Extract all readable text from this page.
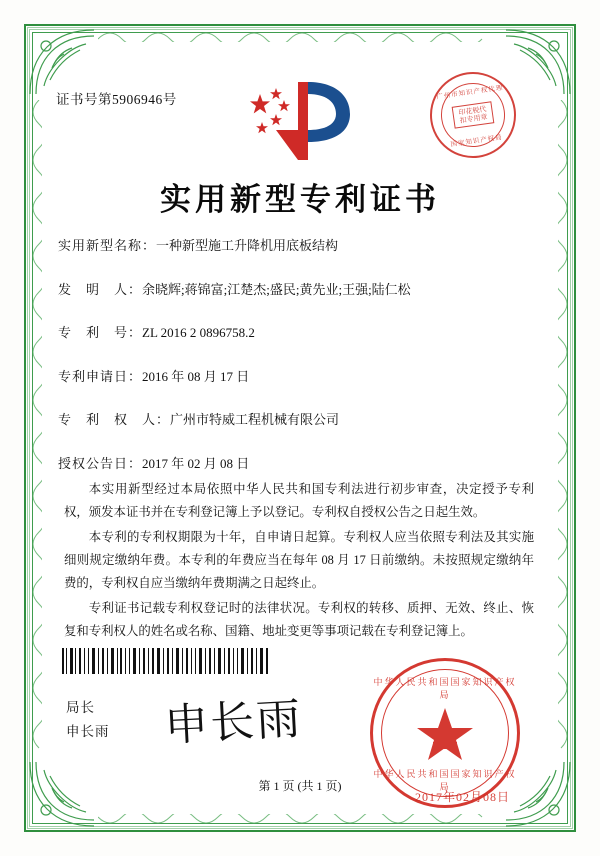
证书号第5906946号	广州市知识产权代理
印花税代扣专用章
国家知识产权局
实用新型专利证书
实用新型名称：一种新型施工升降机用底板结构
发　明　人：余晓辉;蒋锦富;江楚杰;盛民;黄先业;王强;陆仁松
专　利　号：ZL 2016 2 0896758.2
专利申请日：2016 年 08 月 17 日
专　利　权　人：广州市特威工程机械有限公司
授权公告日：2017 年 02 月 08 日

本实用新型经过本局依照中华人民共和国专利法进行初步审查，决定授予专利权，颁发本证书并在专利登记簿上予以登记。专利权自授权公告之日起生效。

本专利的专利权期限为十年，自申请日起算。专利权人应当依照专利法及其实施细则规定缴纳年费。本专利的年费应当在每年 08 月 17 日前缴纳。未按照规定缴纳年费的，专利权自应当缴纳年费期满之日起终止。

专利证书记载专利权登记时的法律状况。专利权的转移、质押、无效、终止、恢复和专利权人的姓名或名称、国籍、地址变更等事项记载在专利登记簿上。

局长
申长雨 申长雨
中华人民共和国国家知识产权局
中华人民共和国国家知识产权局
2017年02月08日
第 1 页 (共 1 页)
